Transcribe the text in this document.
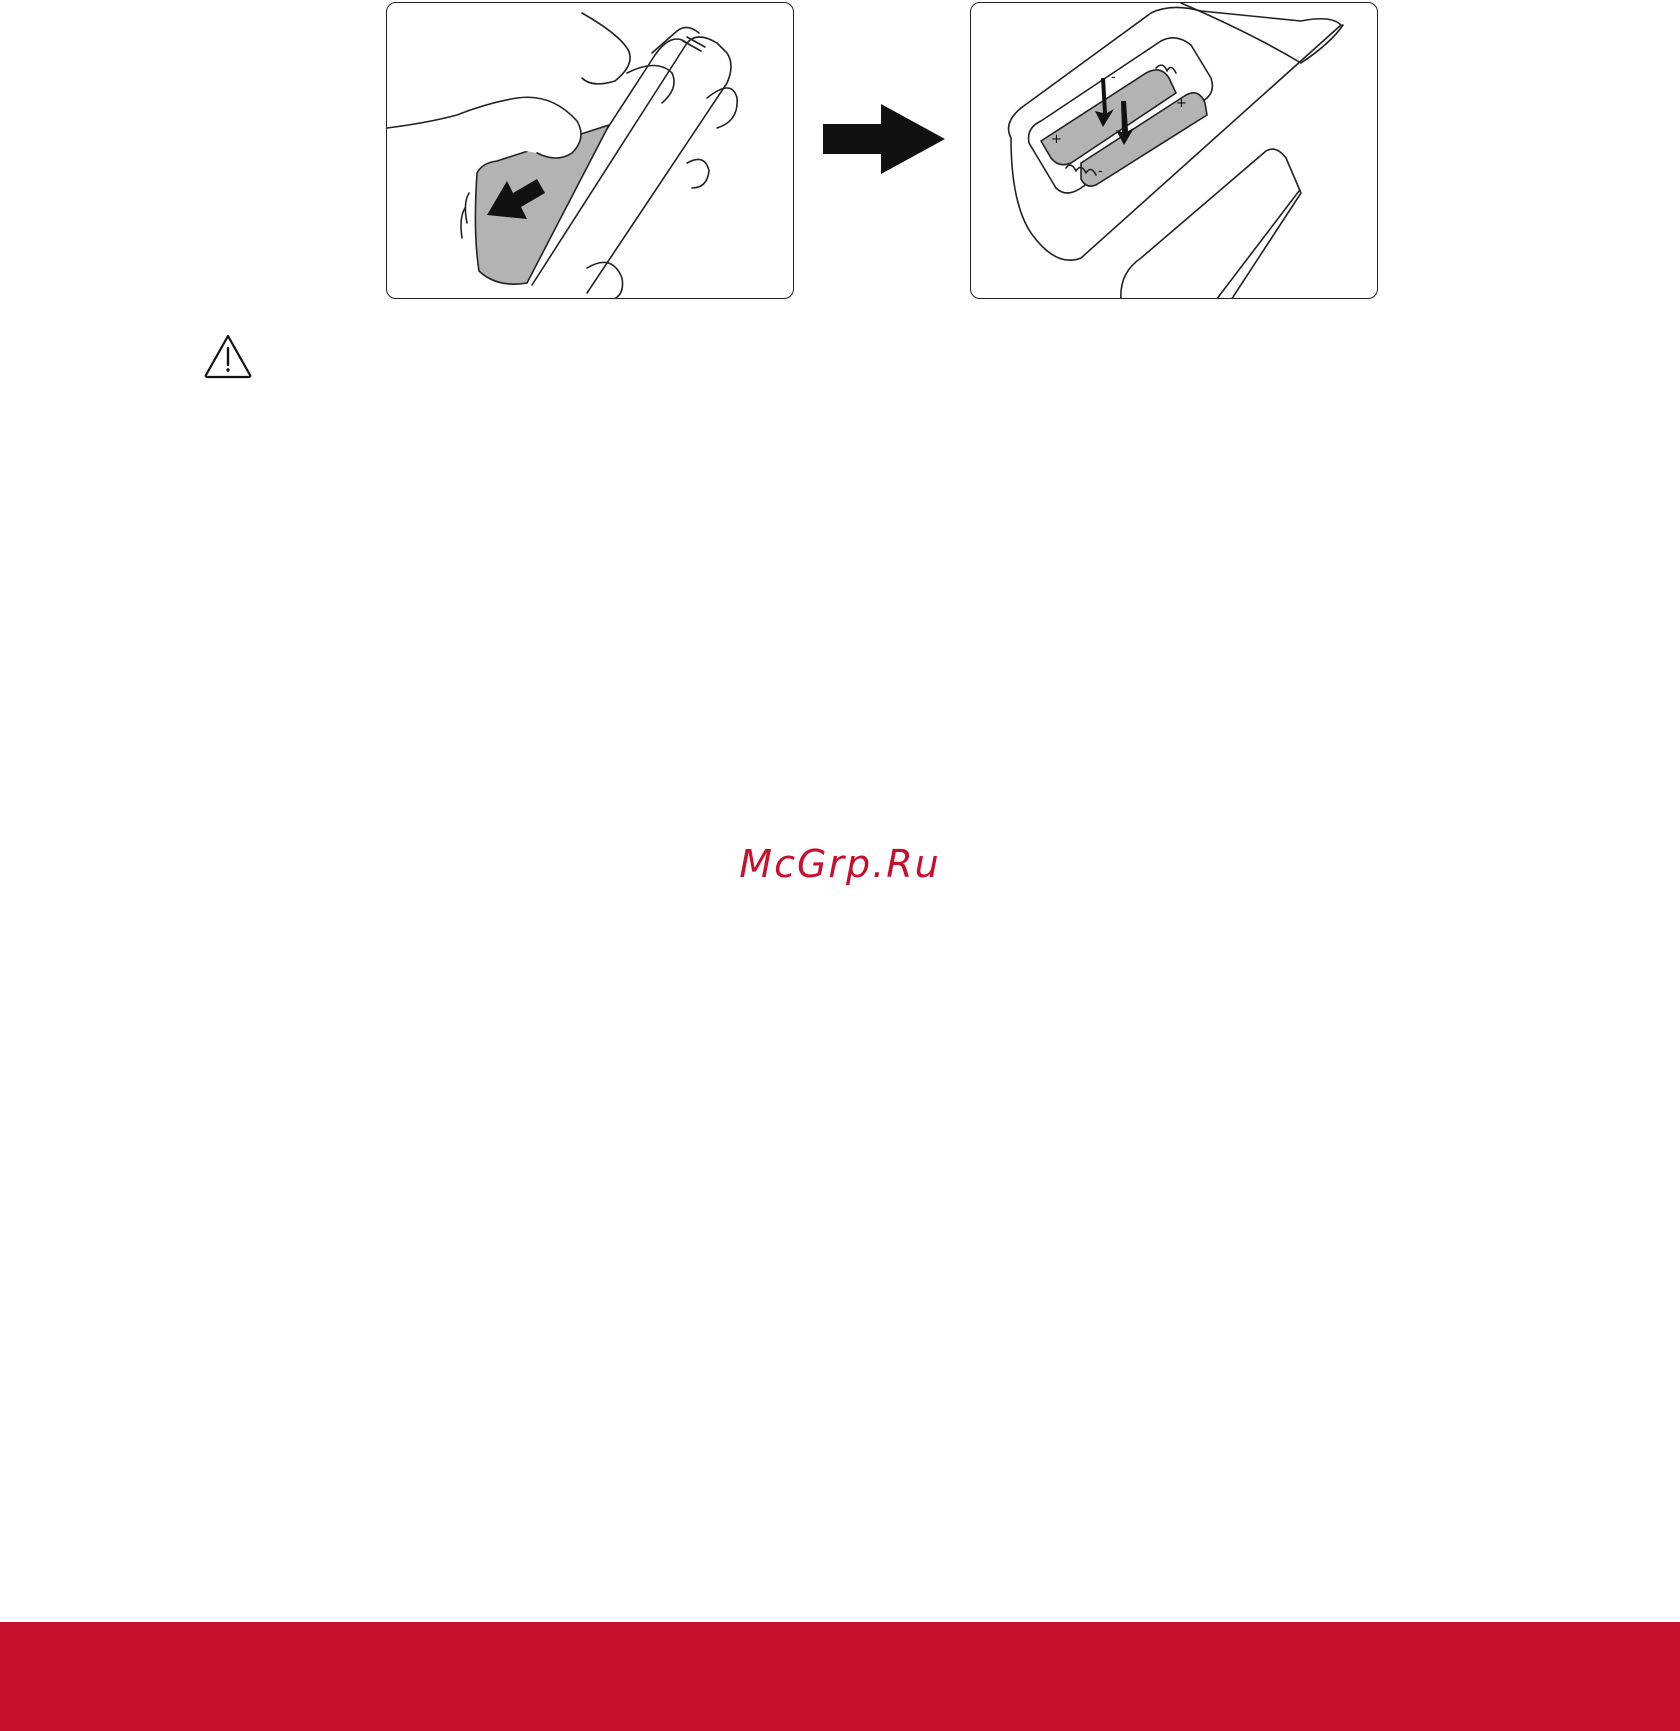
+
-
+
-
McGrp.Ru
